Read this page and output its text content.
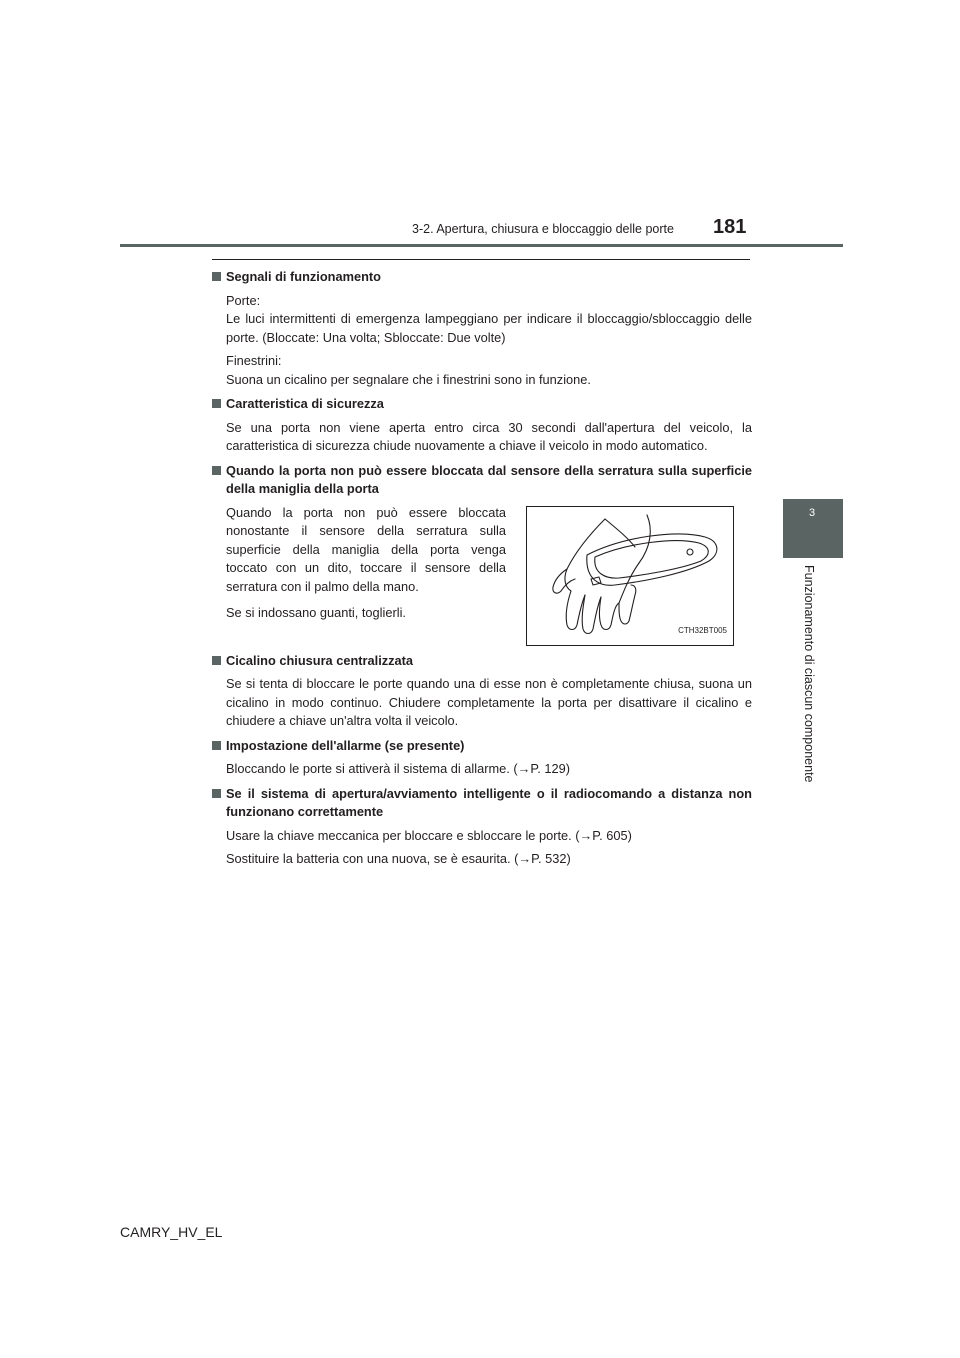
3-2. Apertura, chiusura e bloccaggio delle porte 181
3
Funzionamento di ciascun componente

Segnali di funzionamento

Porte:
Le luci intermittenti di emergenza lampeggiano per indicare il bloccaggio/sbloccaggio delle porte. (Bloccate: Una volta; Sbloccate: Due volte)

Finestrini:
Suona un cicalino per segnalare che i finestrini sono in funzione.

Caratteristica di sicurezza

Se una porta non viene aperta entro circa 30 secondi dall'apertura del veicolo, la caratteristica di sicurezza chiude nuovamente a chiave il veicolo in modo automatico.

Quando la porta non può essere bloccata dal sensore della serratura sulla superficie della maniglia della porta

Quando la porta non può essere bloccata nonostante il sensore della serratura sulla superficie della maniglia della porta venga toccato con un dito, toccare il sensore della serratura con il palmo della mano.

Se si indossano guanti, toglierli.

CTH32BT005

Cicalino chiusura centralizzata

Se si tenta di bloccare le porte quando una di esse non è completamente chiusa, suona un cicalino in modo continuo. Chiudere completamente la porta per disattivare il cicalino e chiudere a chiave un'altra volta il veicolo.

Impostazione dell'allarme (se presente)

Bloccando le porte si attiverà il sistema di allarme. (→P. 129)

Se il sistema di apertura/avviamento intelligente o il radiocomando a distanza non funzionano correttamente

Usare la chiave meccanica per bloccare e sbloccare le porte. (→P. 605)

Sostituire la batteria con una nuova, se è esaurita. (→P. 532)

CAMRY_HV_EL
